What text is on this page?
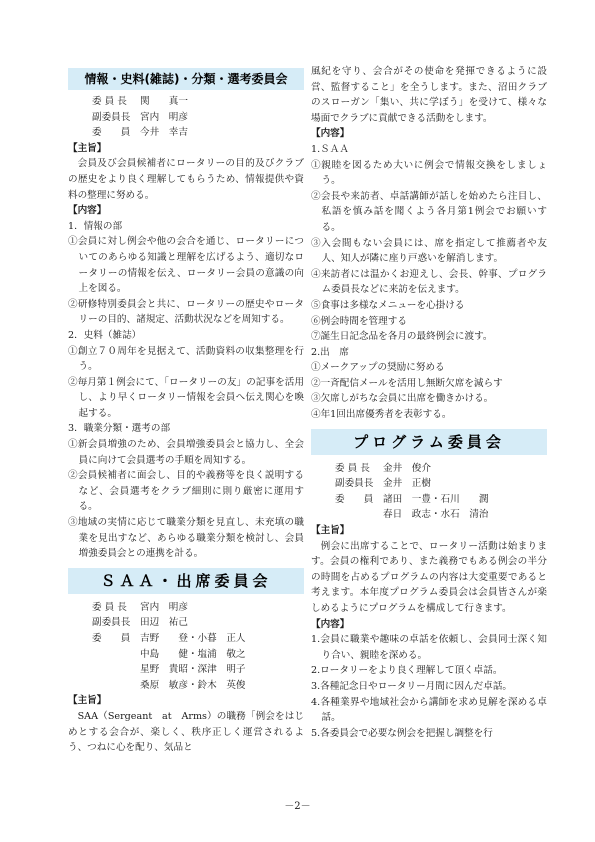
情報・史料(雑誌)・分類・選考委員会
委 員 長	関　　真一
副委員長	宮内　明彦
委　　員	今井　幸吉
【主旨】
会員及び会員候補者にロータリーの目的及びクラブの歴史をより良く理解してもらうため、情報提供や資料の整理に努める。
【内容】
1．情報の部
①会員に対し例会や他の会合を通じ、ロータリーについてのあらゆる知識と理解を広げるよう、適切なロータリーの情報を伝え、ロータリー会員の意識の向上を図る。
②研修特別委員会と共に、ロータリーの歴史やロータリーの目的、諸規定、活動状況などを周知する。
2．史料（雑誌）
①創立７０周年を見据えて、活動資料の収集整理を行う。
②毎月第１例会にて、「ロータリーの友」の記事を活用し、より早くロータリー情報を会員へ伝え関心を喚起する。
3．職業分類・選考の部
①新会員増強のため、会員増強委員会と協力し、全会員に向けて会員選考の手順を周知する。
②会員候補者に面会し、目的や義務等を良く説明するなど、会員選考をクラブ細則に則り厳密に運用する。
③地域の実情に応じて職業分類を見直し、未充填の職業を見出すなど、あらゆる職業分類を検討し、会員増強委員会との連携を計る。
ＳＡＡ・出席委員会
委 員 長	宮内　明彦
副委員長	田辺　祐己
委　　員	吉野　　登・小暮　正人
中島　　健・塩浦　敬之
星野　貴昭・深津　明子
桑原　敏彦・鈴木　英俊
【主旨】
SAA（Sergeant　at　Arms）の職務「例会をはじめとする会合が、楽しく、秩序正しく運営されるよう、つねに心を配り、気品と
風紀を守り、会合がその使命を発揮できるように設営、監督すること」を全うします。また、沼田クラブのスローガン「集い、共に学ぼう」を受けて、様々な場面でクラブに貢献できる活動をします。
【内容】
1.ＳＡＡ
①親睦を図るため大いに例会で情報交換をしましょう。
②会長や来訪者、卓話講師が話しを始めたら注目し、私語を慎み話を聞くよう各月第1例会でお願いする。
③入会間もない会員には、席を指定して推薦者や友人、知人が隣に座り戸惑いを解消します。
④来訪者には温かくお迎えし、会長、幹事、プログラム委員長などに来訪を伝えます。
⑤食事は多様なメニューを心掛ける
⑥例会時間を管理する
⑦誕生日記念品を各月の最終例会に渡す。
2.出　席
①メークアップの奨励に努める
②一斉配信メールを活用し無断欠席を減らす
③欠席しがちな会員に出席を働きかける。
④年1回出席優秀者を表彰する。
プログラム委員会
委 員 長	金井　俊介
副委員長	金井　正樹
委　　員	諸田　一豊・石川　　潤
春日　政志・水石　清治
【主旨】
例会に出席することで、ロータリー活動は始まります。会員の権利であり、また義務でもある例会の半分の時間を占めるプログラムの内容は大変重要であると考えます。本年度プログラム委員会は会員皆さんが楽しめるようにプログラムを構成して行きます。
【内容】
1.会員に職業や趣味の卓話を依頼し、会員同士深く知り合い、親睦を深める。
2.ロータリーをより良く理解して頂く卓話。
3.各種記念日やロータリー月間に因んだ卓話。
4.各種業界や地域社会から講師を求め見解を深める卓話。
5.各委員会で必要な例会を把握し調整を行
－2－
